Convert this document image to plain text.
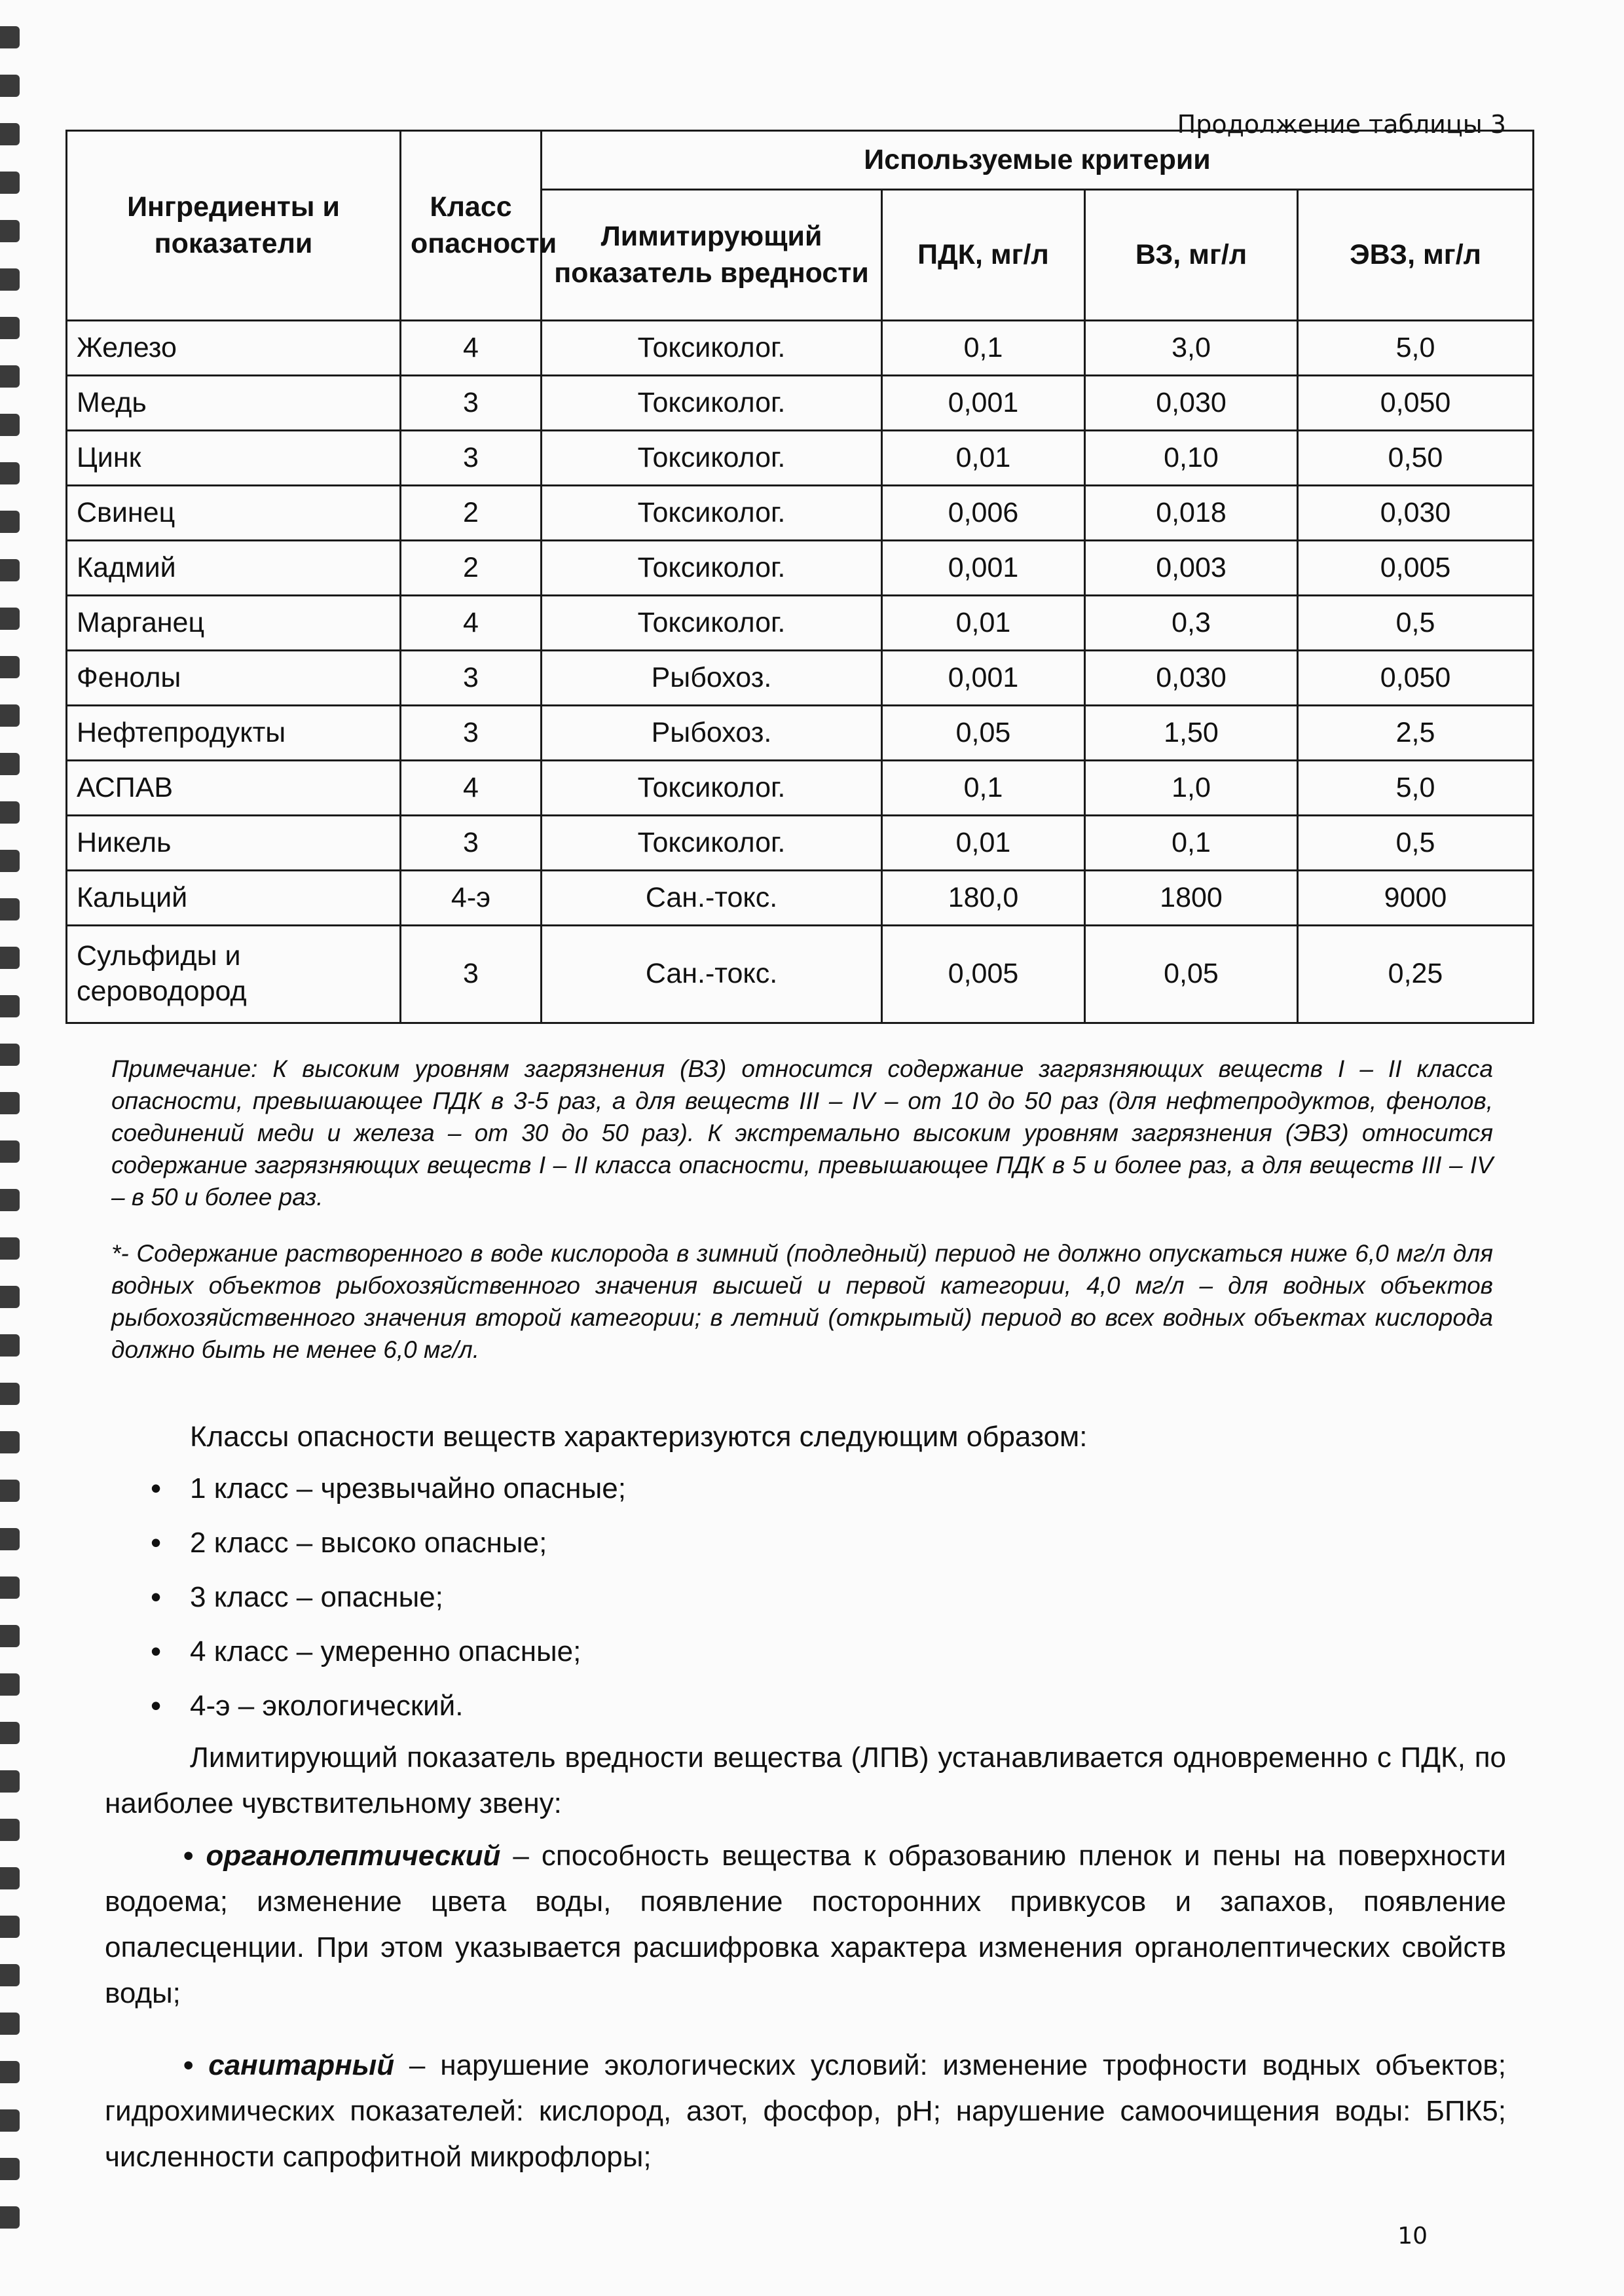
Продолжение таблицы 3
Ингредиенты и показатели	Класс опасности	Используемые критерии			
		Лимитирующий показатель вредности	ПДК, мг/л	ВЗ, мг/л	ЭВЗ, мг/л
Железо	4	Токсиколог.	0,1	3,0	5,0
Медь	3	Токсиколог.	0,001	0,030	0,050
Цинк	3	Токсиколог.	0,01	0,10	0,50
Свинец	2	Токсиколог.	0,006	0,018	0,030
Кадмий	2	Токсиколог.	0,001	0,003	0,005
Марганец	4	Токсиколог.	0,01	0,3	0,5
Фенолы	3	Рыбохоз.	0,001	0,030	0,050
Нефтепродукты	3	Рыбохоз.	0,05	1,50	2,5
АСПАВ	4	Токсиколог.	0,1	1,0	5,0
Никель	3	Токсиколог.	0,01	0,1	0,5
Кальций	4-э	Сан.-токс.	180,0	1800	9000
Сульфиды и сероводород	3	Сан.-токс.	0,005	0,05	0,25
Примечание: К высоким уровням загрязнения (ВЗ) относится содержание загрязняющих веществ I – II класса опасности, превышающее ПДК в 3-5 раз, а для веществ III – IV – от 10 до 50 раз (для нефтепродуктов, фенолов, соединений меди и железа – от 30 до 50 раз). К экстремально высоким уровням загрязнения (ЭВЗ) относится содержание загрязняющих веществ I – II класса опасности, превышающее ПДК в 5 и более раз, а для веществ III – IV – в 50 и более раз.
*- Содержание растворенного в воде кислорода в зимний (подледный) период не должно опускаться ниже 6,0 мг/л для водных объектов рыбохозяйственного значения высшей и первой категории, 4,0 мг/л – для водных объектов рыбохозяйственного значения второй категории; в летний (открытый) период во всех водных объектах кислорода должно быть не менее 6,0 мг/л.
Классы опасности веществ характеризуются следующим образом:
• 1 класс – чрезвычайно опасные;
• 2 класс – высоко опасные;
• 3 класс – опасные;
• 4 класс – умеренно опасные;
• 4-э – экологический.
Лимитирующий показатель вредности вещества (ЛПВ) устанавливается одновременно с ПДК, по наиболее чувствительному звену:
• органолептический – способность вещества к образованию пленок и пены на поверхности водоема; изменение цвета воды, появление посторонних привкусов и запахов, появление опалесценции. При этом указывается расшифровка характера изменения органолептических свойств воды;
• санитарный – нарушение экологических условий: изменение трофности водных объектов; гидрохимических показателей: кислород, азот, фосфор, pH; нарушение самоочищения воды: БПК5; численности сапрофитной микрофлоры;
10
